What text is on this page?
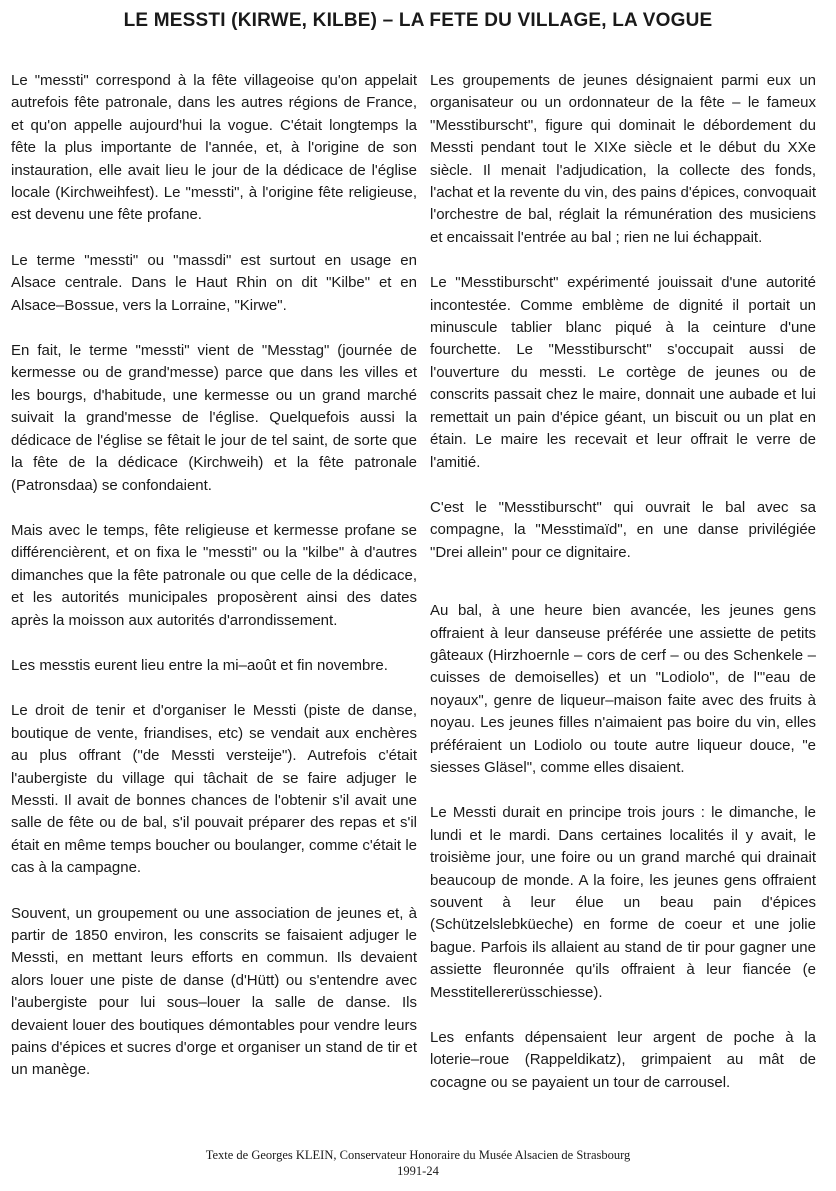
LE MESSTI (KIRWE, KILBE) – LA FETE DU VILLAGE, LA VOGUE

Le "messti" correspond à la fête villageoise qu'on appelait autrefois fête patronale, dans les autres régions de France, et qu'on appelle aujourd'hui la vogue. C'était longtemps la fête la plus importante de l'année, et, à l'origine de son instauration, elle avait lieu le jour de la dédicace de l'église locale (Kirchweihfest). Le "messti", à l'origine fête religieuse, est devenu une fête profane.

Le terme "messti" ou "massdi" est surtout en usage en Alsace centrale. Dans le Haut Rhin on dit "Kilbe" et en Alsace–Bossue, vers la Lorraine, "Kirwe".

En fait, le terme "messti" vient de "Messtag" (journée de kermesse ou de grand'messe) parce que dans les villes et les bourgs, d'habitude, une kermesse ou un grand marché suivait la grand'messe de l'église. Quelquefois aussi la dédicace de l'église se fêtait le jour de tel saint, de sorte que la fête de la dédicace (Kirchweih) et la fête patronale (Patronsdaa) se confondaient.

Mais avec le temps, fête religieuse et kermesse profane se différencièrent, et on fixa le "messti" ou la "kilbe" à d'autres dimanches que la fête patronale ou que celle de la dédicace, et les autorités municipales proposèrent ainsi des dates après la moisson aux autorités d'arrondissement.

Les messtis eurent lieu entre la mi–août et fin novembre.

Le droit de tenir et d'organiser le Messti (piste de danse, boutique de vente, friandises, etc) se vendait aux enchères au plus offrant ("de Messti versteije"). Autrefois c'était l'aubergiste du village qui tâchait de se faire adjuger le Messti. Il avait de bonnes chances de l'obtenir s'il avait une salle de fête ou de bal, s'il pouvait préparer des repas et s'il était en même temps boucher ou boulanger, comme c'était le cas à la campagne.

Souvent, un groupement ou une association de jeunes et, à partir de 1850 environ, les conscrits se faisaient adjuger le Messti, en mettant leurs efforts en commun. Ils devaient alors louer une piste de danse (d'Hütt) ou s'entendre avec l'aubergiste pour lui sous–louer la salle de danse. Ils devaient louer des boutiques démontables pour vendre leurs pains d'épices et sucres d'orge et organiser un stand de tir et un manège.

Les groupements de jeunes désignaient parmi eux un organisateur ou un ordonnateur de la fête – le fameux "Messtiburscht", figure qui dominait le débordement du Messti pendant tout le XIXe siècle et le début du XXe siècle. Il menait l'adjudication, la collecte des fonds, l'achat et la revente du vin, des pains d'épices, convoquait l'orchestre de bal, réglait la rémunération des musiciens et encaissait l'entrée au bal ; rien ne lui échappait.

Le "Messtiburscht" expérimenté jouissait d'une autorité incontestée. Comme emblème de dignité il portait un minuscule tablier blanc piqué à la ceinture d'une fourchette. Le "Messtiburscht" s'occupait aussi de l'ouverture du messti. Le cortège de jeunes ou de conscrits passait chez le maire, donnait une aubade et lui remettait un pain d'épice géant, un biscuit ou un plat en étain. Le maire les recevait et leur offrait le verre de l'amitié.

C'est le "Messtiburscht" qui ouvrait le bal avec sa compagne, la "Messtimaïd", en une danse privilégiée "Drei allein" pour ce dignitaire.

Au bal, à une heure bien avancée, les jeunes gens offraient à leur danseuse préférée une assiette de petits gâteaux (Hirzhoernle – cors de cerf – ou des Schenkele –cuisses de demoiselles) et un "Lodiolo", de l'"eau de noyaux", genre de liqueur–maison faite avec des fruits à noyau. Les jeunes filles n'aimaient pas boire du vin, elles préféraient un Lodiolo ou toute autre liqueur douce, "e siesses Gläsel", comme elles disaient.

Le Messti durait en principe trois jours : le dimanche, le lundi et le mardi. Dans certaines localités il y avait, le troisième jour, une foire ou un grand marché qui drainait beaucoup de monde. A la foire, les jeunes gens offraient souvent à leur élue un beau pain d'épices (Schützelslebküeche) en forme de coeur et une jolie bague. Parfois ils allaient au stand de tir pour gagner une assiette fleuronnée qu'ils offraient à leur fiancée (e Messtitellererüsschiesse).

Les enfants dépensaient leur argent de poche à la loterie–roue (Rappeldikatz), grimpaient au mât de cocagne ou se payaient un tour de carrousel.

Texte de Georges KLEIN, Conservateur Honoraire du Musée Alsacien de Strasbourg
1991-24
